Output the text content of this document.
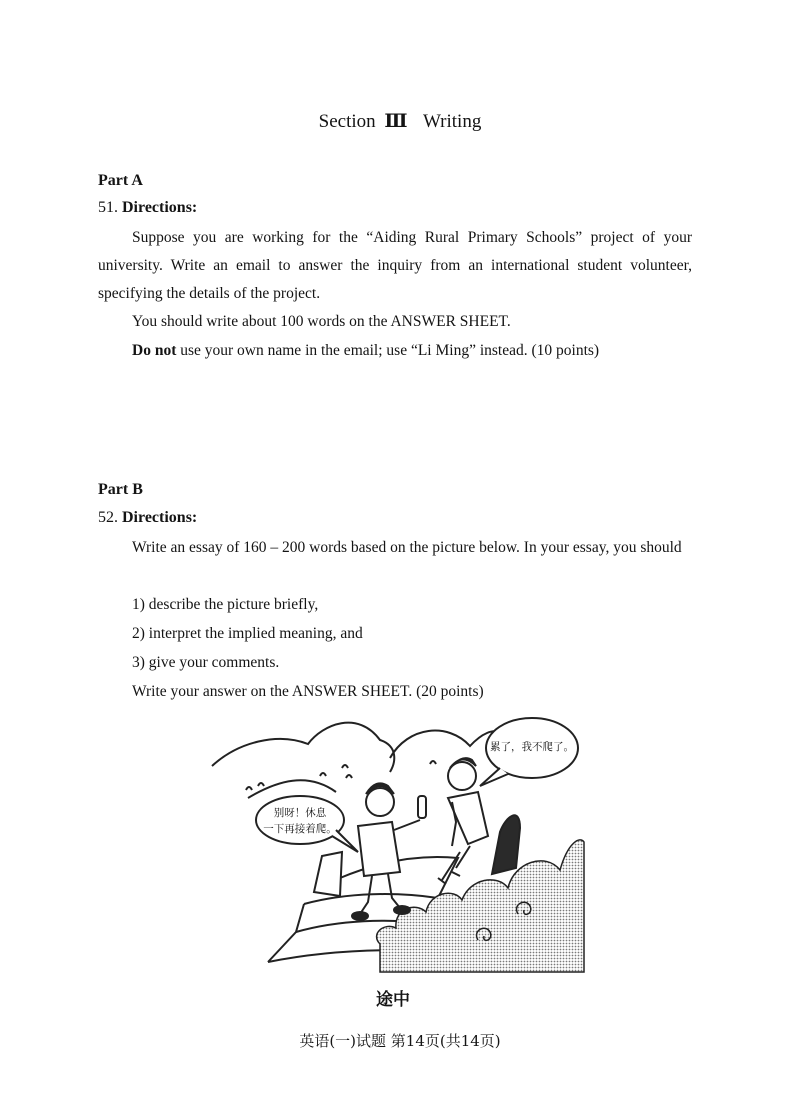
Section Ⅲ Writing
Part A
51. Directions:
Suppose you are working for the “Aiding Rural Primary Schools” project of your university. Write an email to answer the inquiry from an international student volunteer, specifying the details of the project.
You should write about 100 words on the ANSWER SHEET.
Do not use your own name in the email; use “Li Ming” instead. (10 points)
Part B
52. Directions:
Write an essay of 160 – 200 words based on the picture below. In your essay, you should
1) describe the picture briefly,
2) interpret the implied meaning, and
3) give your comments.
Write your answer on the ANSWER SHEET. (20 points)
别呀！休息
一下再接着爬。
累了，我不爬了。
途中
英语(一)试题 第14页(共14页)
